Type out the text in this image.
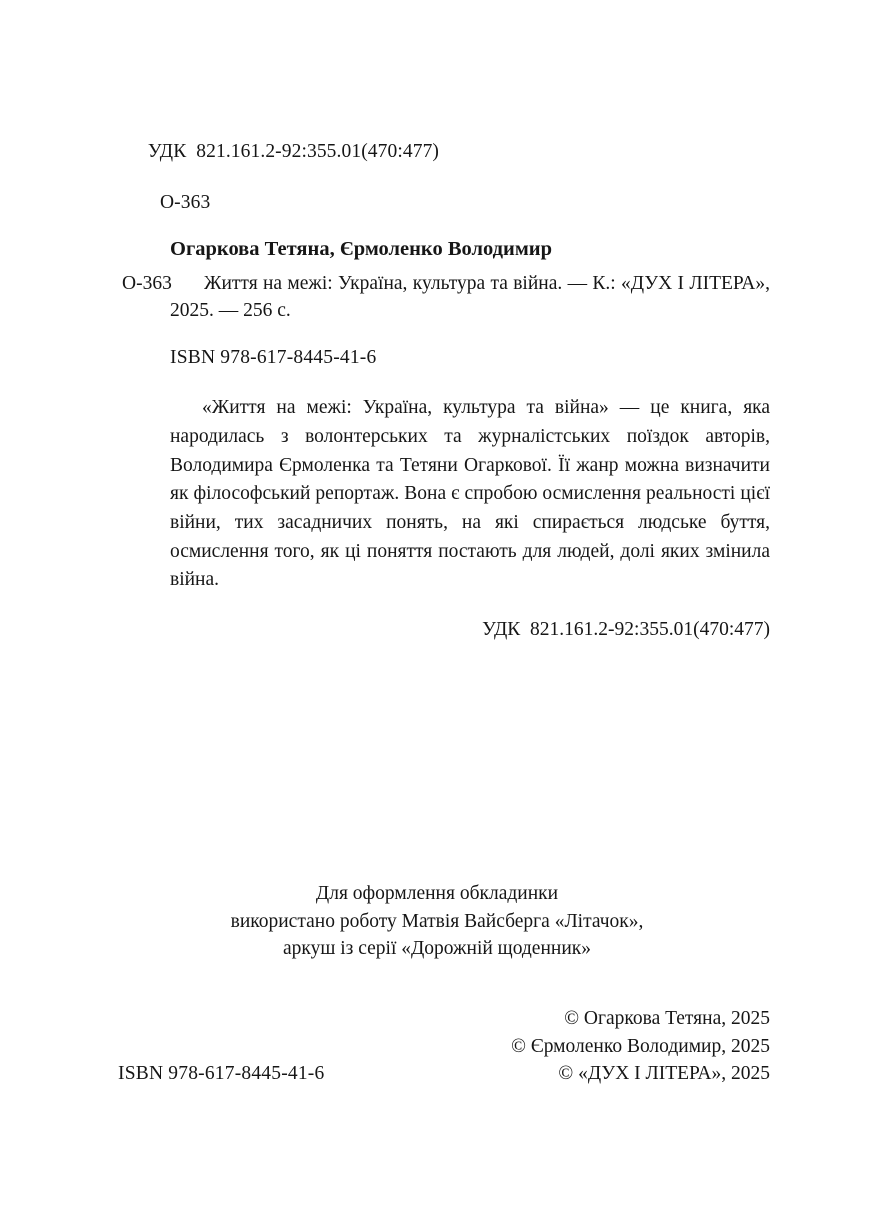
УДК 821.161.2-92:355.01(470:477)

О-363

Огаркова Тетяна, Єрмоленко Володимир

О-363	Життя на межі: Україна, культура та війна. — К.: «ДУХ І ЛІТЕРА», 2025. — 256 с.
ISBN 978-617-8445-41-6
«Життя на межі: Україна, культура та війна» — це книга, яка народилась з волонтерських та журналістських поїздок авторів, Володимира Єрмоленка та Тетяни Огаркової. Її жанр можна визначити як філософський репортаж. Вона є спробою осмислення реальності цієї війни, тих засадничих понять, на які спирається людське буття, осмислення того, як ці поняття постають для людей, долі яких змінила війна.
УДК  821.161.2-92:355.01(470:477)
Для оформлення обкладинки
використано роботу Матвія Вайсберга «Літачок»,
аркуш із серії «Дорожній щоденник»
© Огаркова Тетяна, 2025
© Єрмоленко Володимир, 2025
© «ДУХ І ЛІТЕРА», 2025
ISBN 978-617-8445-41-6
